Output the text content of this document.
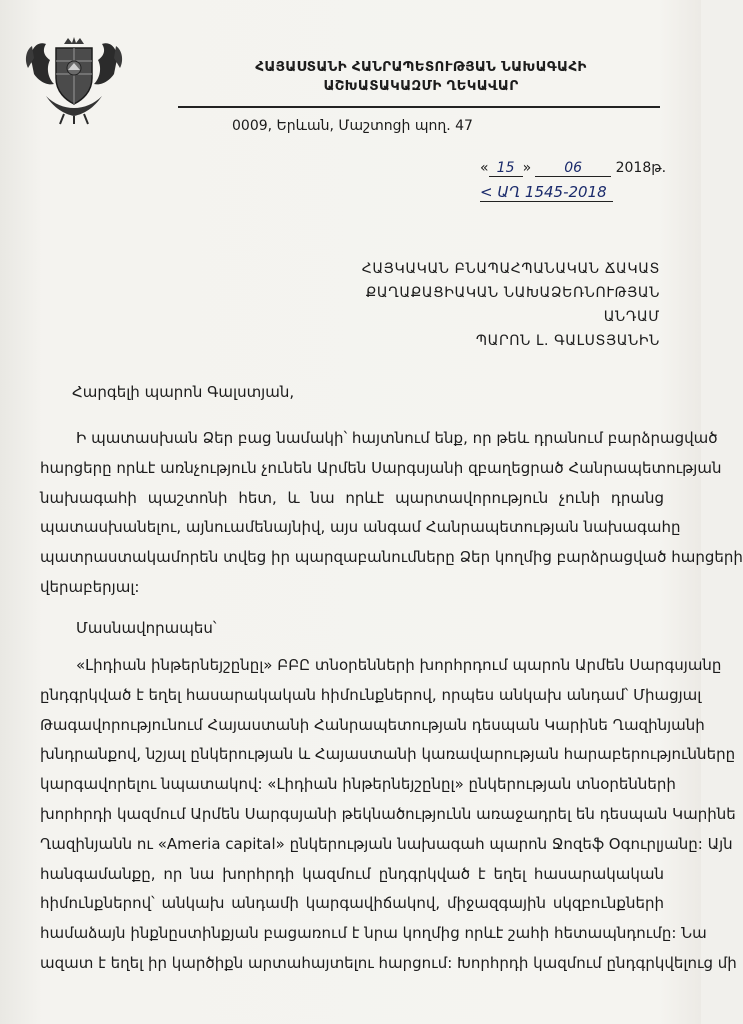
ՀԱՅԱՍՏԱՆԻ ՀԱՆՐԱՊԵՏՈՒԹՅԱՆ ՆԱԽԱԳԱՀԻ
ԱՇԽԱՏԱԿԱԶՄԻ ՂԵԿԱՎԱՐ
0009, Երևան, Մաշտոցի պող. 47
« 15 » 06 2018թ.
< ԱՂ 1545-2018
ՀԱՅԿԱԿԱՆ ԲՆԱՊԱՀՊԱՆԱԿԱՆ ՃԱԿԱՏ
ՔԱՂԱՔԱՑԻԱԿԱՆ ՆԱԽԱՁԵՌՆՈՒԹՅԱՆ
ԱՆԴԱՄ
ՊԱՐՈՆ Լ. ԳԱԼՍՏՅԱՆԻՆ
Հարգելի պարոն Գալստյան,
Ի պատասխան Ձեր բաց նամակի՝ հայտնում ենք, որ թեև դրանում բարձրացված
հարցերը որևէ առնչություն չունեն Արմեն Սարգսյանի զբաղեցրած Հանրապետության
նախագահի պաշտոնի հետ, և նա որևէ պարտավորություն չունի դրանց
պատասխանելու, այնուամենայնիվ, այս անգամ Հանրապետության նախագահը
պատրաստակամորեն տվեց իր պարզաբանումները Ձեր կողմից բարձրացված հարցերի
վերաբերյալ:
Մասնավորապես՝
«Լիդիան ինթերնեյշընըլ» ԲԲԸ տնօրենների խորհրդում պարոն Արմեն Սարգսյանը
ընդգրկված է եղել հասարակական հիմունքներով, որպես անկախ անդամ՝ Միացյալ
Թագավորությունում Հայաստանի Հանրապետության դեսպան Կարինե Ղազինյանի
խնդրանքով, նշյալ ընկերության և Հայաստանի կառավարության հարաբերությունները
կարգավորելու նպատակով: «Լիդիան ինթերնեյշընըլ» ընկերության տնօրենների
խորհրդի կազմում Արմեն Սարգսյանի թեկնածությունն առաջադրել են դեսպան Կարինե
Ղազինյանն ու «Ameria capital» ընկերության նախագահ պարոն Ջոզեֆ Օգուրլյանը: Այն
հանգամանքը, որ նա խորհրդի կազմում ընդգրկված է եղել հասարակական
հիմունքներով՝ անկախ անդամի կարգավիճակով, միջազգային սկզբունքների
համաձայն ինքնըստինքյան բացառում է նրա կողմից որևէ շահի հետապնդումը: Նա
ազատ է եղել իր կարծիքն արտահայտելու հարցում: Խորհրդի կազմում ընդգրկվելուց մի
